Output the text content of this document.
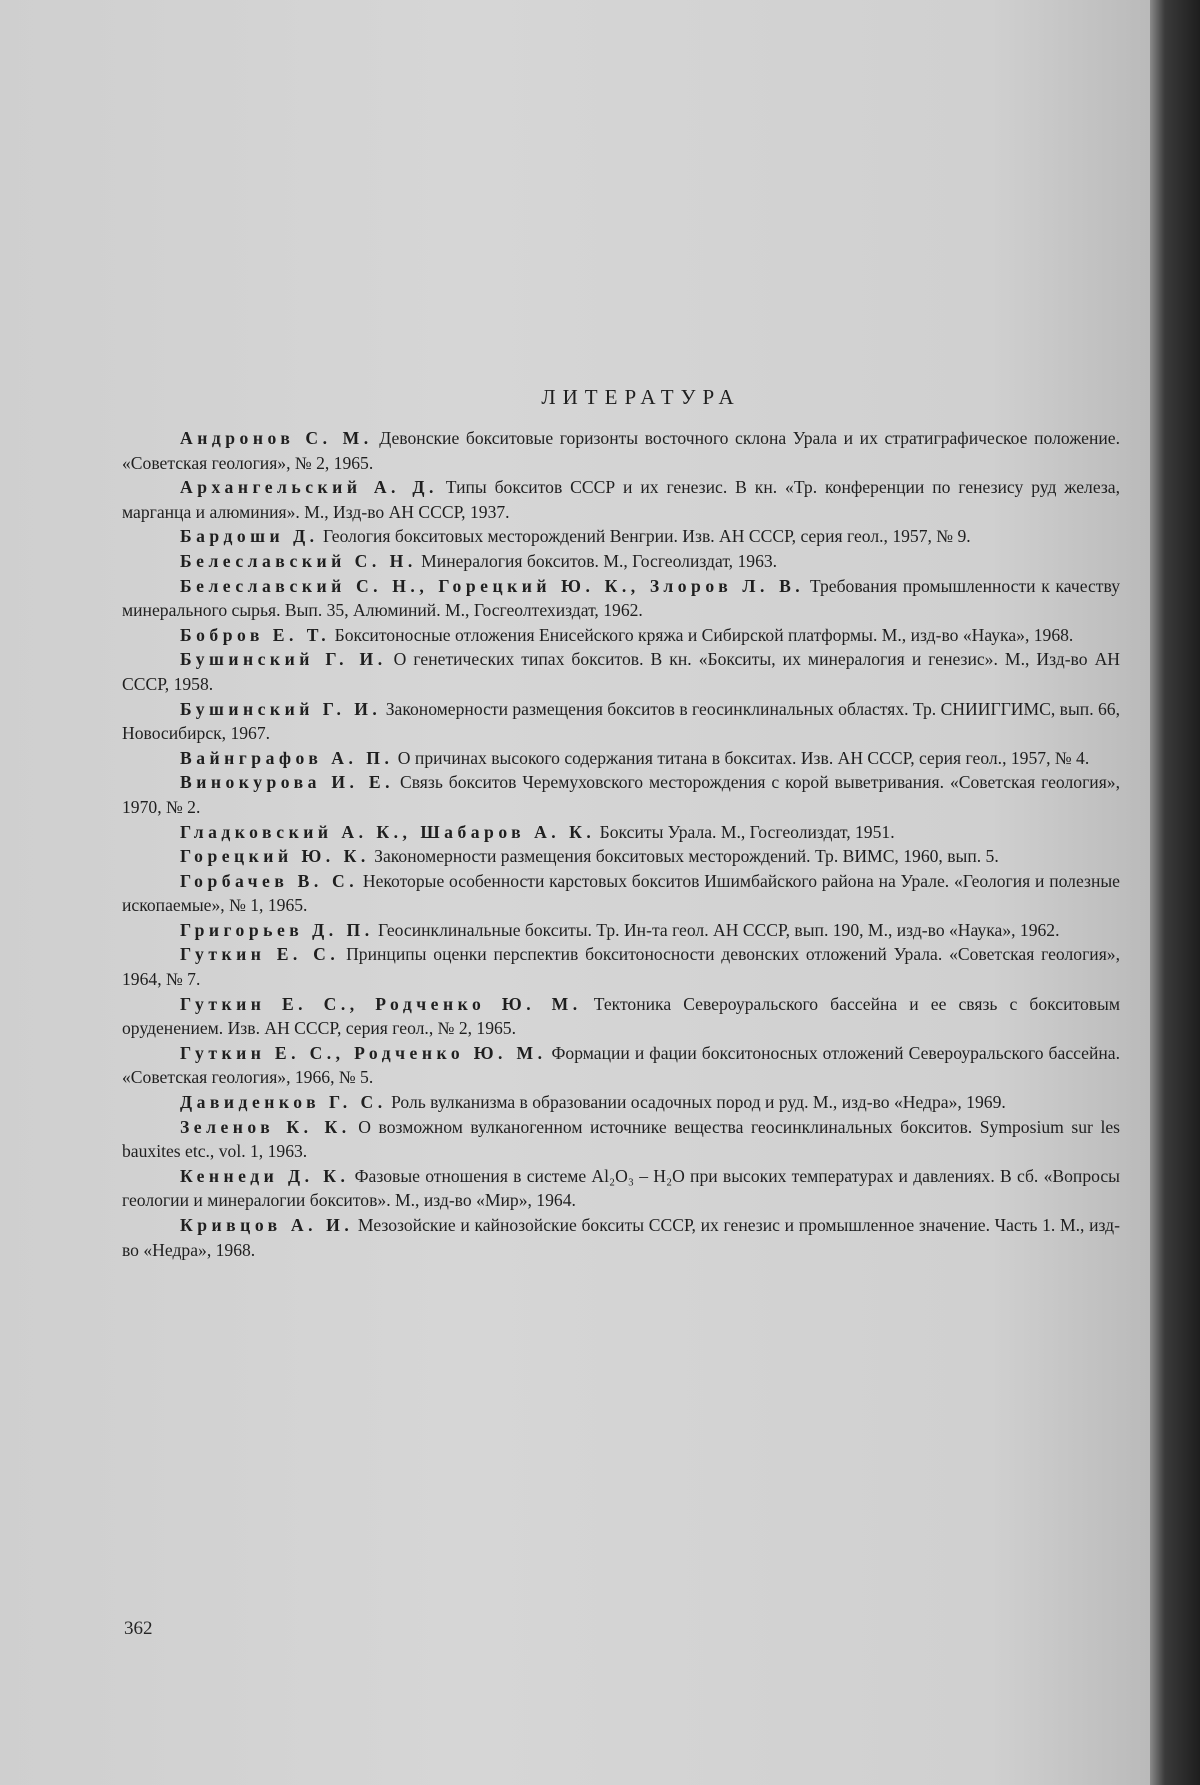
ЛИТЕРАТУРА

Андронов С. М. Девонские бокситовые горизонты восточного склона Урала и их стратиграфическое положение. «Советская геология», № 2, 1965.

Архангельский А. Д. Типы бокситов СССР и их генезис. В кн. «Тр. конференции по генезису руд железа, марганца и алюминия». М., Изд-во АН СССР, 1937.

Бардоши Д. Геология бокситовых месторождений Венгрии. Изв. АН СССР, серия геол., 1957, № 9.

Белеславский С. Н. Минералогия бокситов. М., Госгеолиздат, 1963.

Белеславский С. Н., Горецкий Ю. К., Злоров Л. В. Требования промышленности к качеству минерального сырья. Вып. 35, Алюминий. М., Госгеолтехиздат, 1962.

Бобров Е. Т. Бокситоносные отложения Енисейского кряжа и Сибирской платформы. М., изд-во «Наука», 1968.

Бушинский Г. И. О генетических типах бокситов. В кн. «Бокситы, их минералогия и генезис». М., Изд-во АН СССР, 1958.

Бушинский Г. И. Закономерности размещения бокситов в геосинклинальных областях. Тр. СНИИГГИМС, вып. 66, Новосибирск, 1967.

Вайнграфов А. П. О причинах высокого содержания титана в бокситах. Изв. АН СССР, серия геол., 1957, № 4.

Винокурова И. Е. Связь бокситов Черемуховского месторождения с корой выветривания. «Советская геология», 1970, № 2.

Гладковский А. К., Шабаров А. К. Бокситы Урала. М., Госгеолиздат, 1951.

Горецкий Ю. К. Закономерности размещения бокситовых месторождений. Тр. ВИМС, 1960, вып. 5.

Горбачев В. С. Некоторые особенности карстовых бокситов Ишимбайского района на Урале. «Геология и полезные ископаемые», № 1, 1965.

Григорьев Д. П. Геосинклинальные бокситы. Тр. Ин-та геол. АН СССР, вып. 190, М., изд-во «Наука», 1962.

Гуткин Е. С. Принципы оценки перспектив бокситоносности девонских отложений Урала. «Советская геология», 1964, № 7.

Гуткин Е. С., Родченко Ю. М. Тектоника Североуральского бассейна и ее связь с бокситовым оруденением. Изв. АН СССР, серия геол., № 2, 1965.

Гуткин Е. С., Родченко Ю. М. Формации и фации бокситоносных отложений Североуральского бассейна. «Советская геология», 1966, № 5.

Давиденков Г. С. Роль вулканизма в образовании осадочных пород и руд. М., изд-во «Недра», 1969.

Зеленов К. К. О возможном вулканогенном источнике вещества геосинклинальных бокситов. Symposium sur les bauxites etc., vol. 1, 1963.

Кеннеди Д. К. Фазовые отношения в системе Al₂O₃ – H₂O при высоких температурах и давлениях. В сб. «Вопросы геологии и минералогии бокситов». М., изд-во «Мир», 1964.

Кривцов А. И. Мезозойские и кайнозойские бокситы СССР, их генезис и промышленное значение. Часть 1. М., изд-во «Недра», 1968.

362
